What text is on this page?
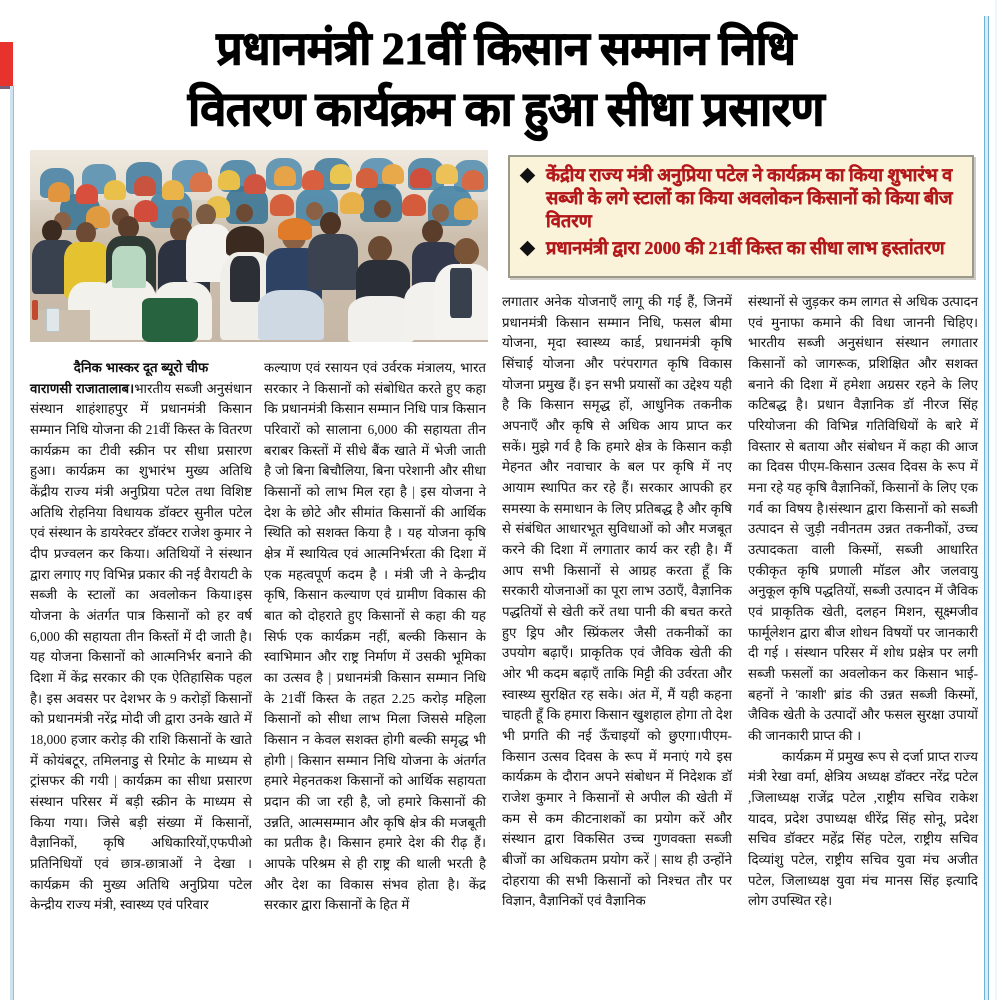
प्रधानमंत्री 21वीं किसान सम्मान निधि
वितरण कार्यक्रम का हुआ सीधा प्रसारण
केंद्रीय राज्य मंत्री अनुप्रिया पटेल ने कार्यक्रम का किया शुभारंभ व सब्जी के लगे स्टालों का किया अवलोकन किसानों को किया बीज वितरण
प्रधानमंत्री द्वारा 2000 की 21वीं किस्त का सीधा लाभ हस्तांतरण

दैनिक भास्कर दूत ब्यूरो चीफ

वाराणसी राजातालाब।भारतीय सब्जी अनुसंधान संस्थान शाहंशाहपुर में प्रधानमंत्री किसान सम्मान निधि योजना की 21वीं किस्त के वितरण कार्यक्रम का टीवी स्क्रीन पर सीधा प्रसारण हुआ। कार्यक्रम का शुभारंभ मुख्य अतिथि केंद्रीय राज्य मंत्री अनुप्रिया पटेल तथा विशिष्ट अतिथि रोहनिया विधायक डॉक्टर सुनील पटेल एवं संस्थान के डायरेक्टर डॉक्टर राजेश कुमार ने दीप प्रज्वलन कर किया। अतिथियों ने संस्थान द्वारा लगाए गए विभिन्न प्रकार की नई वैरायटी के सब्जी के स्टालों का अवलोकन किया।इस योजना के अंतर्गत पात्र किसानों को हर वर्ष 6,000 की सहायता तीन किस्तों में दी जाती है।यह योजना किसानों को आत्मनिर्भर बनाने की दिशा में केंद्र सरकार की एक ऐतिहासिक पहल है। इस अवसर पर देशभर के 9 करोड़ों किसानों को प्रधानमंत्री नरेंद्र मोदी जी द्वारा उनके खाते में 18,000 हजार करोड़ की राशि किसानों के खाते में कोयंबटूर, तमिलनाडु से रिमोट के माध्यम से ट्रांसफर की गयी | कार्यक्रम का सीधा प्रसारण संस्थान परिसर में बड़ी स्क्रीन के माध्यम से किया गया। जिसे बड़ी संख्या में किसानों, वैज्ञानिकों, कृषि अधिकारियों,एफपीओ प्रतिनिधियों एवं छात्र-छात्राओं ने देखा । कार्यक्रम की मुख्य अतिथि अनुप्रिया पटेल केन्द्रीय राज्य मंत्री, स्वास्थ्य एवं परिवार

कल्याण एवं रसायन एवं उर्वरक मंत्रालय, भारत सरकार ने किसानों को संबोधित करते हुए कहा कि प्रधानमंत्री किसान सम्मान निधि पात्र किसान परिवारों को सालाना 6,000 की सहायता तीन बराबर किस्तों में सीधे बैंक खाते में भेजी जाती है जो बिना बिचौलिया, बिना परेशानी और सीधा किसानों को लाभ मिल रहा है | इस योजना ने देश के छोटे और सीमांत किसानों की आर्थिक स्थिति को सशक्त किया है । यह योजना कृषि क्षेत्र में स्थायित्व एवं आत्मनिर्भरता की दिशा में एक महत्वपूर्ण कदम है । मंत्री जी ने केन्द्रीय कृषि, किसान कल्याण एवं ग्रामीण विकास की बात को दोहराते हुए किसानों से कहा की यह सिर्फ एक कार्यक्रम नहीं, बल्की किसान के स्वाभिमान और राष्ट्र निर्माण में उसकी भूमिका का उत्सव है | प्रधानमंत्री किसान सम्मान निधि के 21वीं किस्त के तहत 2.25 करोड़ महिला किसानों को सीधा लाभ मिला जिससे महिला किसान न केवल सशक्त होगी बल्की समृद्ध भी होगी | किसान सम्मान निधि योजना के अंतर्गत हमारे मेहनतकश किसानों को आर्थिक सहायता प्रदान की जा रही है, जो हमारे किसानों की उन्नति, आत्मसम्मान और कृषि क्षेत्र की मजबूती का प्रतीक है। किसान हमारे देश की रीढ़ हैं। आपके परिश्रम से ही राष्ट्र की थाली भरती है और देश का विकास संभव होता है। केंद्र सरकार द्वारा किसानों के हित में

लगातार अनेक योजनाएँ लागू की गई हैं, जिनमें प्रधानमंत्री किसान सम्मान निधि, फसल बीमा योजना, मृदा स्वास्थ्य कार्ड, प्रधानमंत्री कृषि सिंचाई योजना और परंपरागत कृषि विकास योजना प्रमुख हैं। इन सभी प्रयासों का उद्देश्य यही है कि किसान समृद्ध हों, आधुनिक तकनीक अपनाएँ और कृषि से अधिक आय प्राप्त कर सकें। मुझे गर्व है कि हमारे क्षेत्र के किसान कड़ी मेहनत और नवाचार के बल पर कृषि में नए आयाम स्थापित कर रहे हैं। सरकार आपकी हर समस्या के समाधान के लिए प्रतिबद्ध है और कृषि से संबंधित आधारभूत सुविधाओं को और मजबूत करने की दिशा में लगातार कार्य कर रही है। मैं आप सभी किसानों से आग्रह करता हूँ कि सरकारी योजनाओं का पूरा लाभ उठाएँ, वैज्ञानिक पद्धतियों से खेती करें तथा पानी की बचत करते हुए ड्रिप और स्प्रिंकलर जैसी तकनीकों का उपयोग बढ़ाएँ। प्राकृतिक एवं जैविक खेती की ओर भी कदम बढ़ाएँ ताकि मिट्टी की उर्वरता और स्वास्थ्य सुरक्षित रह सके। अंत में, मैं यही कहना चाहती हूँ कि हमारा किसान खुशहाल होगा तो देश भी प्रगति की नई ऊँचाइयों को छुएगा।पीएम-किसान उत्सव दिवस के रूप में मनाएं गये इस कार्यक्रम के दौरान अपने संबोधन में निदेशक डॉ राजेश कुमार ने किसानों से अपील की खेती में कम से कम कीटनाशकों का प्रयोग करें और संस्थान द्वारा विकसित उच्च गुणवक्ता सब्जी बीजों का अधिकतम प्रयोग करें | साथ ही उन्होंने दोहराया की सभी किसानों को निश्चत तौर पर विज्ञान, वैज्ञानिकों एवं वैज्ञानिक

संस्थानों से जुड़कर कम लागत से अधिक उत्पादन एवं मुनाफा कमाने की विधा जाननी चिहिए।भारतीय सब्जी अनुसंधान संस्थान लगातार किसानों को जागरूक, प्रशिक्षित और सशक्त बनाने की दिशा में हमेशा अग्रसर रहने के लिए कटिबद्ध है। प्रधान वैज्ञानिक डॉ नीरज सिंह परियोजना की विभिन्न गतिविधियों के बारे में विस्तार से बताया और संबोधन में कहा की आज का दिवस पीएम-किसान उत्सव दिवस के रूप में मना रहे यह कृषि वैज्ञानिकों, किसानों के लिए एक गर्व का विषय है।संस्थान द्वारा किसानों को सब्जी उत्पादन से जुड़ी नवीनतम उन्नत तकनीकों, उच्च उत्पादकता वाली किस्मों, सब्जी आधारित एकीकृत कृषि प्रणाली मॉडल और जलवायु अनुकूल कृषि पद्धतियों, सब्जी उत्पादन में जैविक एवं प्राकृतिक खेती, दलहन मिशन, सूक्ष्मजीव फार्मूलेशन द्वारा बीज शोधन विषयों पर जानकारी दी गई । संस्थान परिसर में शोध प्रक्षेत्र पर लगी सब्जी फसलों का अवलोकन कर किसान भाई-बहनों ने 'काशी' ब्रांड की उन्नत सब्जी किस्मों, जैविक खेती के उत्पादों और फसल सुरक्षा उपायों की जानकारी प्राप्त की ।

कार्यक्रम में प्रमुख रूप से दर्जा प्राप्त राज्य मंत्री रेखा वर्मा, क्षेत्रिय अध्यक्ष डॉक्टर नरेंद्र पटेल ,जिलाध्यक्ष राजेंद्र पटेल ,राष्ट्रीय सचिव राकेश यादव, प्रदेश उपाध्यक्ष धीरेंद्र सिंह सोनू, प्रदेश सचिव डॉक्टर महेंद्र सिंह पटेल, राष्ट्रीय सचिव दिव्यांशु पटेल, राष्ट्रीय सचिव युवा मंच अजीत पटेल, जिलाध्यक्ष युवा मंच मानस सिंह इत्यादि लोग उपस्थित रहे।
